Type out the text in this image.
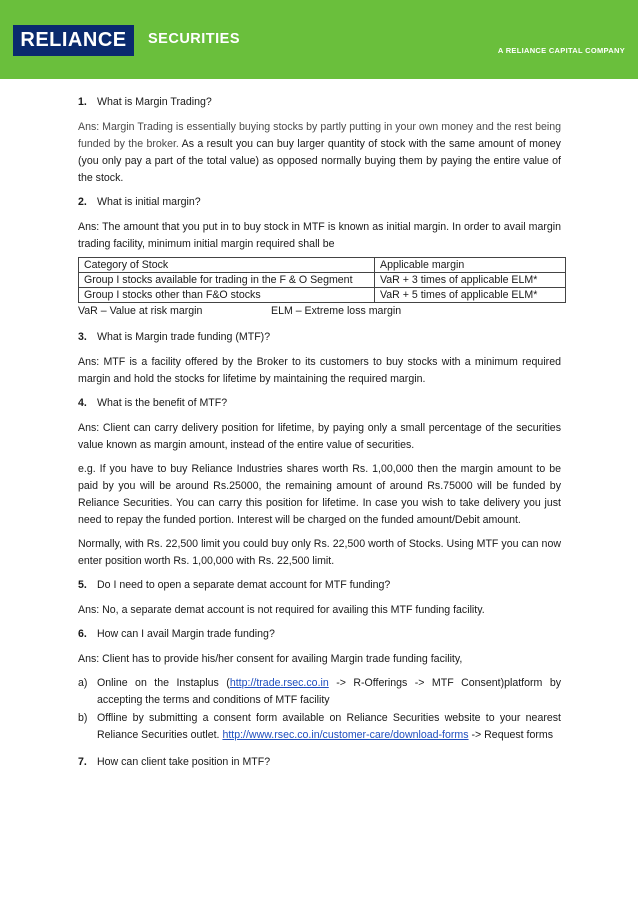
RELIANCE	SECURITIES
A RELIANCE CAPITAL COMPANY

1. What is Margin Trading?

Ans: Margin Trading is essentially buying stocks by partly putting in your own money and the rest being funded by the broker. As a result you can buy larger quantity of stock with the same amount of money (you only pay a part of the total value) as opposed normally buying them by paying the entire value of the stock.

2. What is initial margin?

Ans: The amount that you put in to buy stock in MTF is known as initial margin. In order to avail margin trading facility, minimum initial margin required shall be

Category of Stock	Applicable margin
Group I stocks available for trading in the F & O Segment	VaR + 3 times of applicable ELM*
Group I stocks other than F&O stocks	VaR + 5 times of applicable ELM*
VaR – Value at risk margin	ELM – Extreme loss margin

3. What is Margin trade funding (MTF)?

Ans: MTF is a facility offered by the Broker to its customers to buy stocks with a minimum required margin and hold the stocks for lifetime by maintaining the required margin.

4. What is the benefit of MTF?

Ans: Client can carry delivery position for lifetime, by paying only a small percentage of the securities value known as margin amount, instead of the entire value of securities.

e.g. If you have to buy Reliance Industries shares worth Rs. 1,00,000 then the margin amount to be paid by you will be around Rs.25000, the remaining amount of around Rs.75000 will be funded by Reliance Securities. You can carry this position for lifetime. In case you wish to take delivery you just need to repay the funded portion. Interest will be charged on the funded amount/Debit amount.

Normally, with Rs. 22,500 limit you could buy only Rs. 22,500 worth of Stocks. Using MTF you can now enter position worth Rs. 1,00,000 with Rs. 22,500 limit.

5. Do I need to open a separate demat account for MTF funding?

Ans: No, a separate demat account is not required for availing this MTF funding facility.

6. How can I avail Margin trade funding?

Ans: Client has to provide his/her consent for availing Margin trade funding facility,

a) Online on the Instaplus (http://trade.rsec.co.in -> R-Offerings -> MTF Consent)platform by accepting the terms and conditions of MTF facility
b) Offline by submitting a consent form available on Reliance Securities website to your nearest Reliance Securities outlet. http://www.rsec.co.in/customer-care/download-forms -> Request forms

7. How can client take position in MTF?
